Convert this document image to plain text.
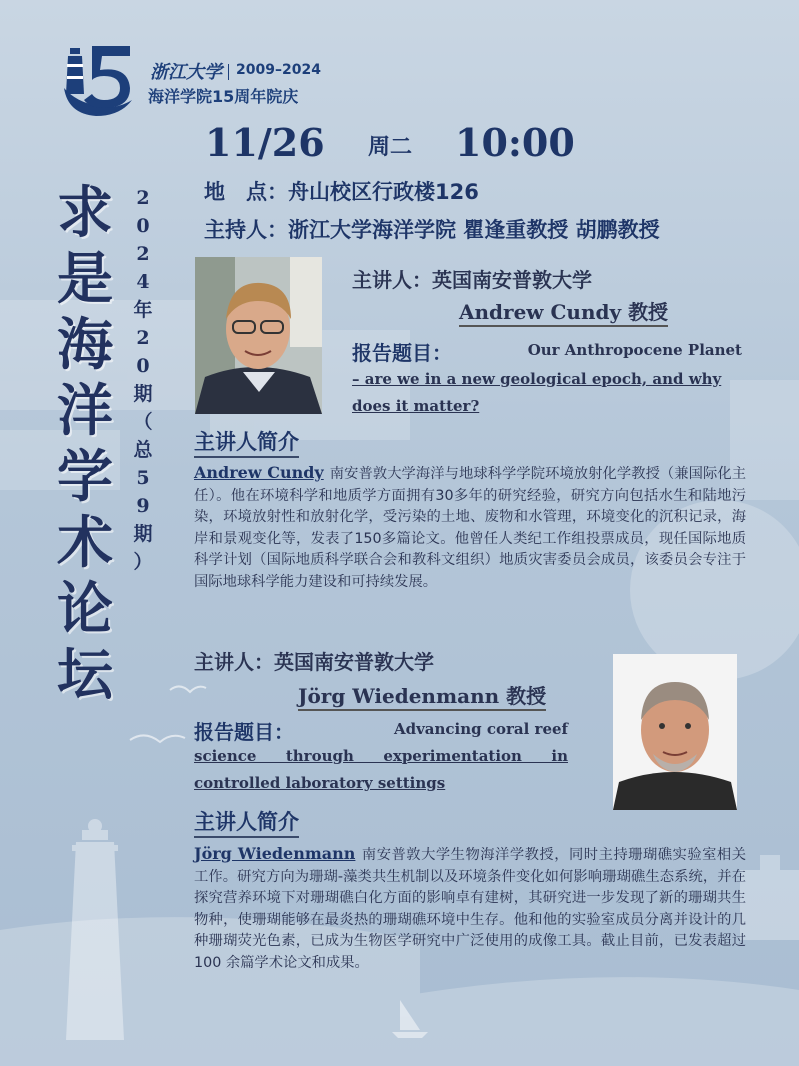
浙江大学 2009–2024
海洋学院15周年院庆
求
是
海
洋
学
术
论
坛
2
0
2
4
年
2
0
期
（
总
5
9
期
）
11/26 周二 10:00
地　点：舟山校区行政楼126
主持人：浙江大学海洋学院 瞿逢重教授 胡鹏教授
主讲人：英国南安普敦大学
Andrew Cundy 教授
报告题目：	Our Anthropocene Planet
– are we in a new geological epoch, and why
does it matter?
主讲人简介
Andrew Cundy 南安普敦大学海洋与地球科学学院环境放射化学教授（兼国际化主任）。他在环境科学和地质学方面拥有30多年的研究经验，研究方向包括水生和陆地污染，环境放射性和放射化学，受污染的土地、废物和水管理，环境变化的沉积记录，海岸和景观变化等，发表了150多篇论文。他曾任人类纪工作组投票成员，现任国际地质科学计划（国际地质科学联合会和教科文组织）地质灾害委员会成员，该委员会专注于国际地球科学能力建设和可持续发展。
主讲人：英国南安普敦大学
Jörg Wiedenmann 教授
报告题目：	Advancing coral reef
science through experimentation in
controlled laboratory settings
主讲人简介
Jörg Wiedenmann 南安普敦大学生物海洋学教授，同时主持珊瑚礁实验室相关工作。研究方向为珊瑚-藻类共生机制以及环境条件变化如何影响珊瑚礁生态系统，并在探究营养环境下对珊瑚礁白化方面的影响卓有建树，其研究进一步发现了新的珊瑚共生物种，使珊瑚能够在最炎热的珊瑚礁环境中生存。他和他的实验室成员分离并设计的几种珊瑚荧光色素，已成为生物医学研究中广泛使用的成像工具。截止目前，已发表超过100 余篇学术论文和成果。
